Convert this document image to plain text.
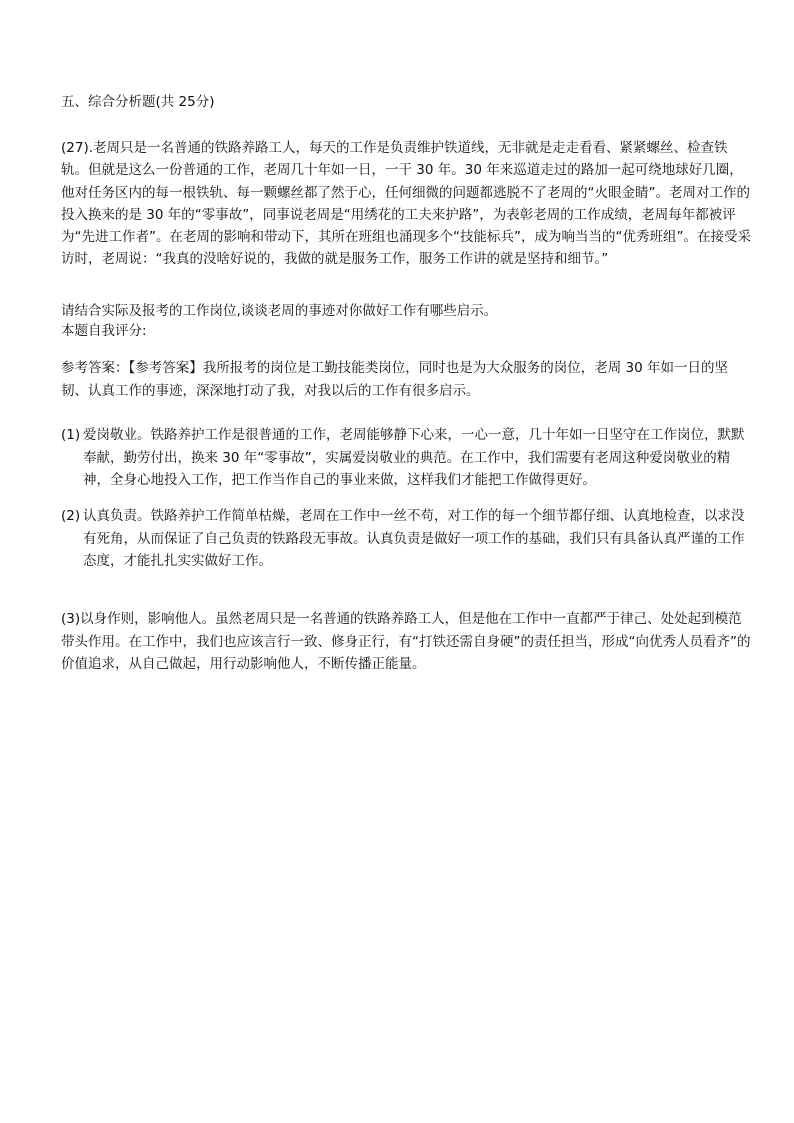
五、综合分析题(共 25分)

(27).老周只是一名普通的铁路养路工人，每天的工作是负责维护铁道线，无非就是走走看看、紧紧螺丝、检查铁轨。但就是这么一份普通的工作，老周几十年如一日，一干 30 年。30 年来巡道走过的路加一起可绕地球好几圈，他对任务区内的每一根铁轨、每一颗螺丝都了然于心，任何细微的问题都逃脱不了老周的“火眼金睛”。老周对工作的投入换来的是 30 年的“零事故”，同事说老周是“用绣花的工夫来护路”，为表彰老周的工作成绩，老周每年都被评为“先进工作者”。在老周的影响和带动下，其所在班组也涌现多个“技能标兵”，成为响当当的“优秀班组”。在接受采访时，老周说：“我真的没啥好说的，我做的就是服务工作，服务工作讲的就是坚持和细节。”

请结合实际及报考的工作岗位,谈谈老周的事迹对你做好工作有哪些启示。

本题自我评分:

参考答案：【参考答案】我所报考的岗位是工勤技能类岗位，同时也是为大众服务的岗位，老周 30 年如一日的坚韧、认真工作的事迹，深深地打动了我，对我以后的工作有很多启示。

(1) 爱岗敬业。铁路养护工作是很普通的工作，老周能够静下心来，一心一意，几十年如一日坚守在工作岗位，默默奉献，勤劳付出，换来 30 年“零事故”，实属爱岗敬业的典范。在工作中，我们需要有老周这种爱岗敬业的精神，全身心地投入工作，把工作当作自己的事业来做，这样我们才能把工作做得更好。
(2) 认真负责。铁路养护工作简单枯燥，老周在工作中一丝不苟，对工作的每一个细节都仔细、认真地检查，以求没有死角，从而保证了自己负责的铁路段无事故。认真负责是做好一项工作的基础，我们只有具备认真严谨的工作态度，才能扎扎实实做好工作。
(3)以身作则，影响他人。虽然老周只是一名普通的铁路养路工人，但是他在工作中一直都严于律己、处处起到模范带头作用。在工作中，我们也应该言行一致、修身正行，有“打铁还需自身硬”的责任担当，形成“向优秀人员看齐”的价值追求，从自己做起，用行动影响他人，不断传播正能量。
